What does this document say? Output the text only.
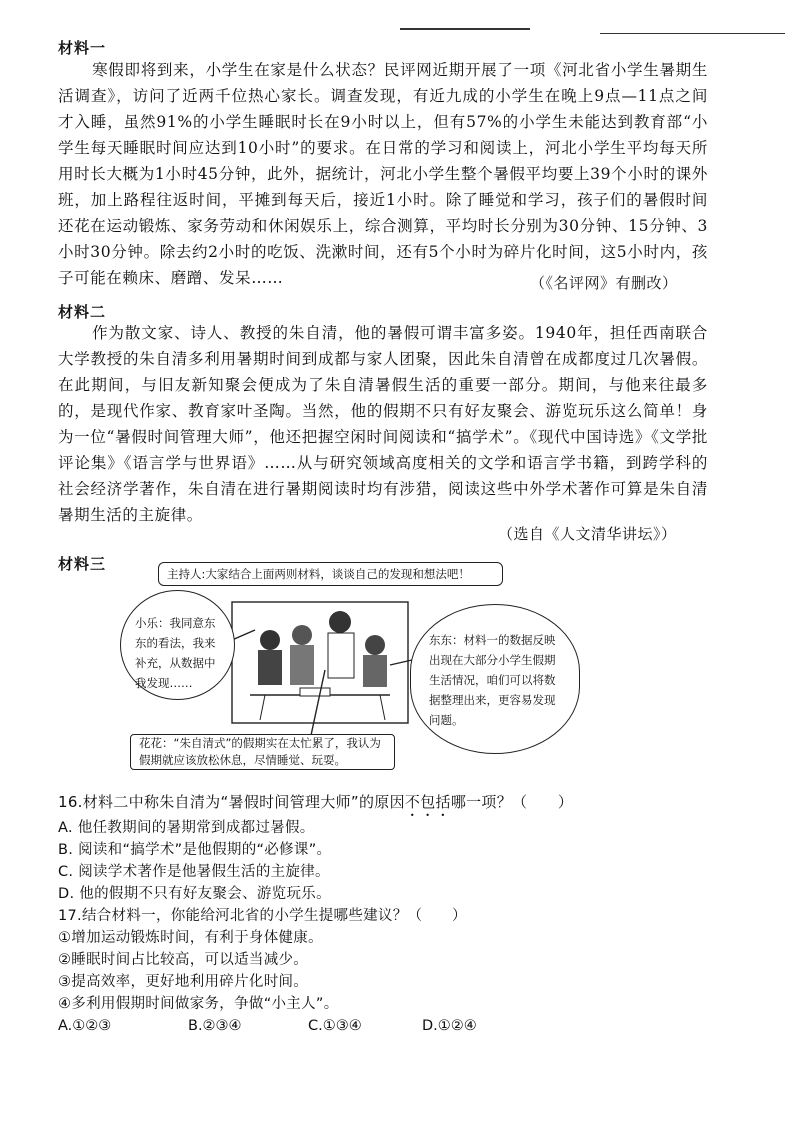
材料一

寒假即将到来，小学生在家是什么状态？民评网近期开展了一项《河北省小学生暑期生活调查》，访问了近两千位热心家长。调查发现，有近九成的小学生在晚上9点—11点之间才入睡，虽然91%的小学生睡眠时长在9小时以上，但有57%的小学生未能达到教育部“小学生每天睡眠时间应达到10小时”的要求。在日常的学习和阅读上，河北小学生平均每天所用时长大概为1小时45分钟，此外，据统计，河北小学生整个暑假平均要上39个小时的课外班，加上路程往返时间，平摊到每天后，接近1小时。除了睡觉和学习，孩子们的暑假时间还花在运动锻炼、家务劳动和休闲娱乐上，综合测算，平均时长分别为30分钟、15分钟、3小时30分钟。除去约2小时的吃饭、洗漱时间，还有5个小时为碎片化时间，这5小时内，孩子可能在赖床、磨蹭、发呆……	（《名评网》有删改）
材料二

作为散文家、诗人、教授的朱自清，他的暑假可谓丰富多姿。1940年，担任西南联合大学教授的朱自清多利用暑期时间到成都与家人团聚，因此朱自清曾在成都度过几次暑假。在此期间，与旧友新知聚会便成为了朱自清暑假生活的重要一部分。期间，与他来往最多的，是现代作家、教育家叶圣陶。当然，他的假期不只有好友聚会、游览玩乐这么简单！身为一位“暑假时间管理大师”，他还把握空闲时间阅读和“搞学术”。《现代中国诗选》《文学批评论集》《语言学与世界语》……从与研究领域高度相关的文学和语言学书籍，到跨学科的社会经济学著作，朱自清在进行暑期阅读时均有涉猎，阅读这些中外学术著作可算是朱自清暑期生活的主旋律。

（选自《人文清华讲坛》）
材料三
主持人:大家结合上面两则材料，谈谈自己的发现和想法吧！
小乐：我同意东
东的看法，我来
补充，从数据中
我发现……
东东：材料一的数据反映
出现在大部分小学生假期
生活情况，咱们可以将数
据整理出来，更容易发现
问题。
花花：“朱自清式”的假期实在太忙累了，我认为
假期就应该放松休息，尽情睡觉、玩耍。
16.材料二中称朱自清为“暑假时间管理大师”的原因不包括哪一项？（　　）
A. 他任教期间的暑期常到成都过暑假。
B. 阅读和“搞学术”是他假期的“必修课”。
C. 阅读学术著作是他暑假生活的主旋律。
D. 他的假期不只有好友聚会、游览玩乐。
17.结合材料一，你能给河北省的小学生提哪些建议？（　　）
①增加运动锻炼时间，有利于身体健康。
②睡眠时间占比较高，可以适当减少。
③提高效率，更好地利用碎片化时间。
④多利用假期时间做家务，争做“小主人”。
A.①②③	B.②③④	C.①③④	D.①②④
